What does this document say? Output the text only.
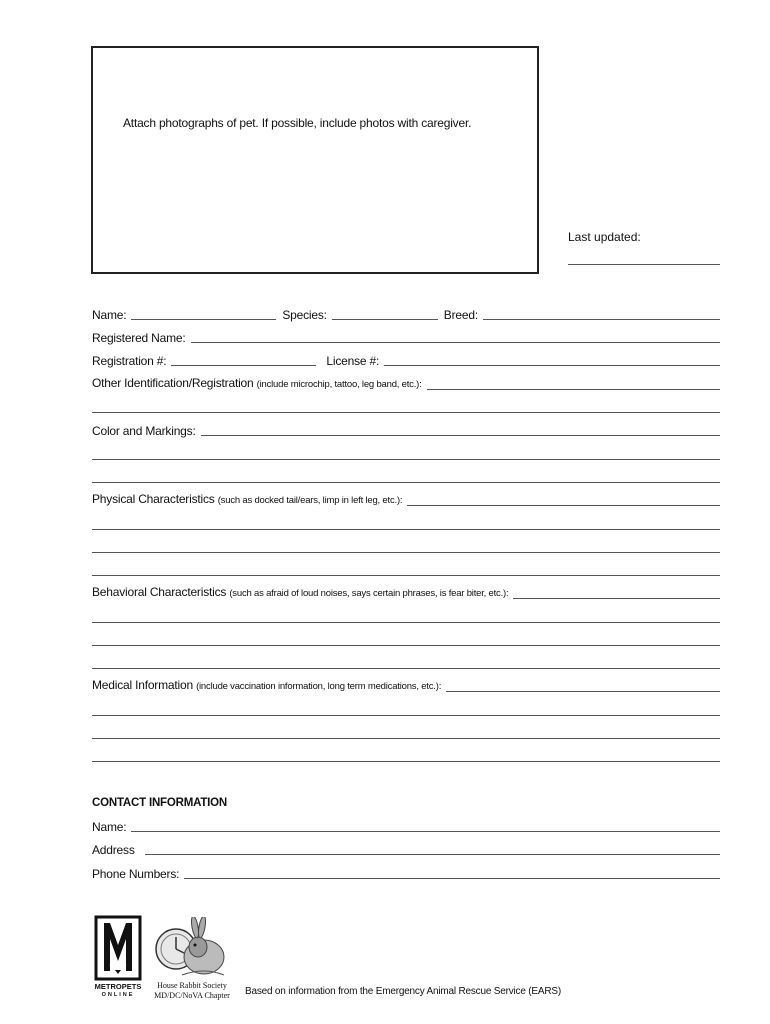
Attach photographs of pet. If possible, include photos with caregiver.
Last updated:
Name:	Species:	Breed:
Registered Name:
Registration #:	License #:
Other Identification/Registration (include microchip, tattoo, leg band, etc.):
Color and Markings:
Physical Characteristics (such as docked tail/ears, limp in left leg, etc.):
Behavioral Characteristics (such as afraid of loud noises, says certain phrases, is fear biter, etc.):
Medical Information (include vaccination information, long term medications, etc.):
CONTACT INFORMATION
Name:
Address
Phone Numbers:
METROPETS
ONLINE
House Rabbit Society
MD/DC/NoVA Chapter Based on information from the Emergency Animal Rescue Service (EARS)
